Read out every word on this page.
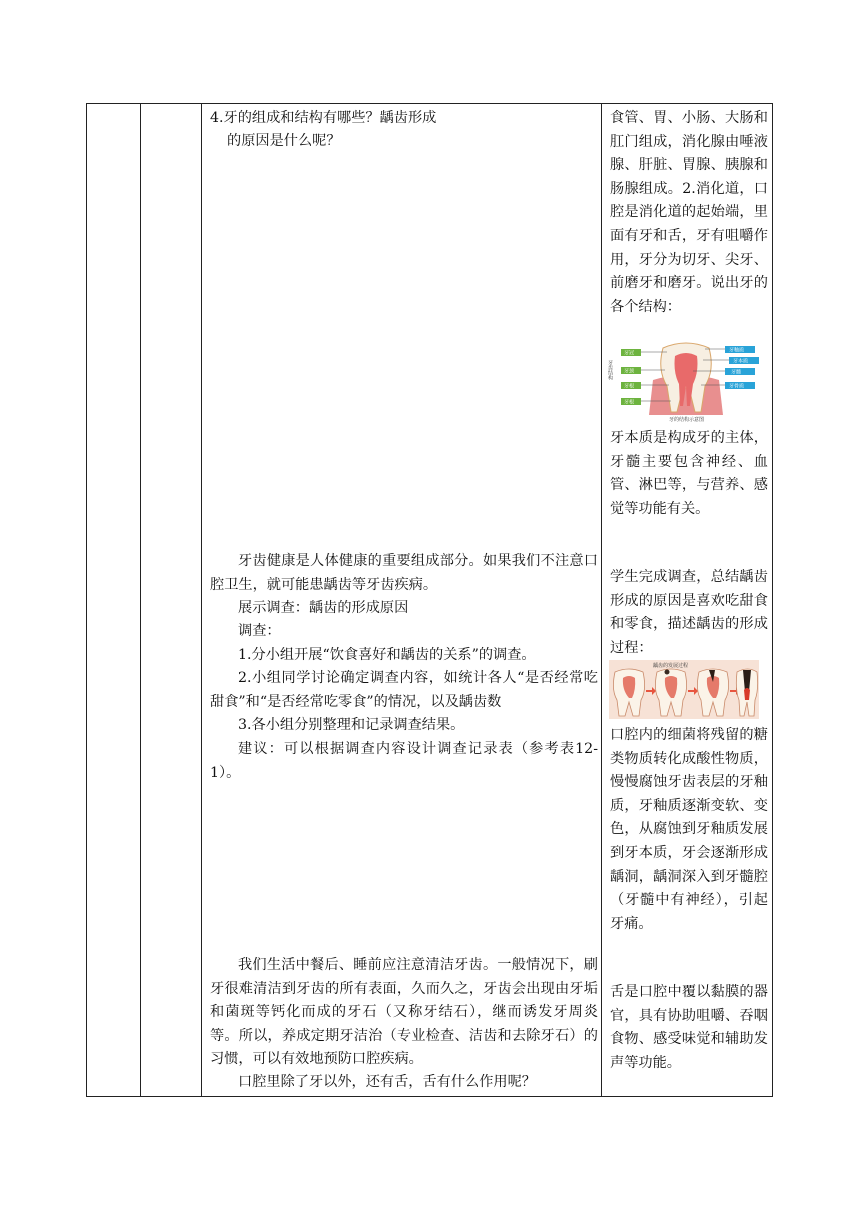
4.牙的组成和结构有哪些？龋齿形成

的原因是什么呢？

牙齿健康是人体健康的重要组成部分。如果我们不注意口腔卫生，就可能患龋齿等牙齿疾病。

展示调查：龋齿的形成原因

调查：

1.分小组开展“饮食喜好和龋齿的关系”的调查。

2.小组同学讨论确定调查内容，如统计各人“是否经常吃甜食”和“是否经常吃零食”的情况，以及龋齿数

3.各小组分别整理和记录调查结果。

建议：可以根据调查内容设计调查记录表（参考表12-1）。

我们生活中餐后、睡前应注意清洁牙齿。一般情况下，刷牙很难清洁到牙齿的所有表面，久而久之，牙齿会出现由牙垢和菌斑等钙化而成的牙石（又称牙结石），继而诱发牙周炎等。所以，养成定期牙洁治（专业检查、洁齿和去除牙石）的习惯，可以有效地预防口腔疾病。

口腔里除了牙以外，还有舌，舌有什么作用呢？

食管、胃、小肠、大肠和肛门组成，消化腺由唾液腺、肝脏、胃腺、胰腺和肠腺组成。2.消化道，口腔是消化道的起始端，里面有牙和舌，牙有咀嚼作用，牙分为切牙、尖牙、前磨牙和磨牙。说出牙的各个结构：

牙齿结构
牙冠
牙颈
牙根
牙根
牙釉质
牙本质
牙髓
牙骨质
牙的结构示意图

牙本质是构成牙的主体，牙髓主要包含神经、血管、淋巴等，与营养、感觉等功能有关。

学生完成调查，总结龋齿形成的原因是喜欢吃甜食和零食，描述龋齿的形成过程：

龋齿的发展过程

口腔内的细菌将残留的糖类物质转化成酸性物质，慢慢腐蚀牙齿表层的牙釉质，牙釉质逐渐变软、变色，从腐蚀到牙釉质发展到牙本质，牙会逐渐形成龋洞，龋洞深入到牙髓腔（牙髓中有神经），引起牙痛。

舌是口腔中覆以黏膜的器官，具有协助咀嚼、吞咽食物、感受味觉和辅助发声等功能。
